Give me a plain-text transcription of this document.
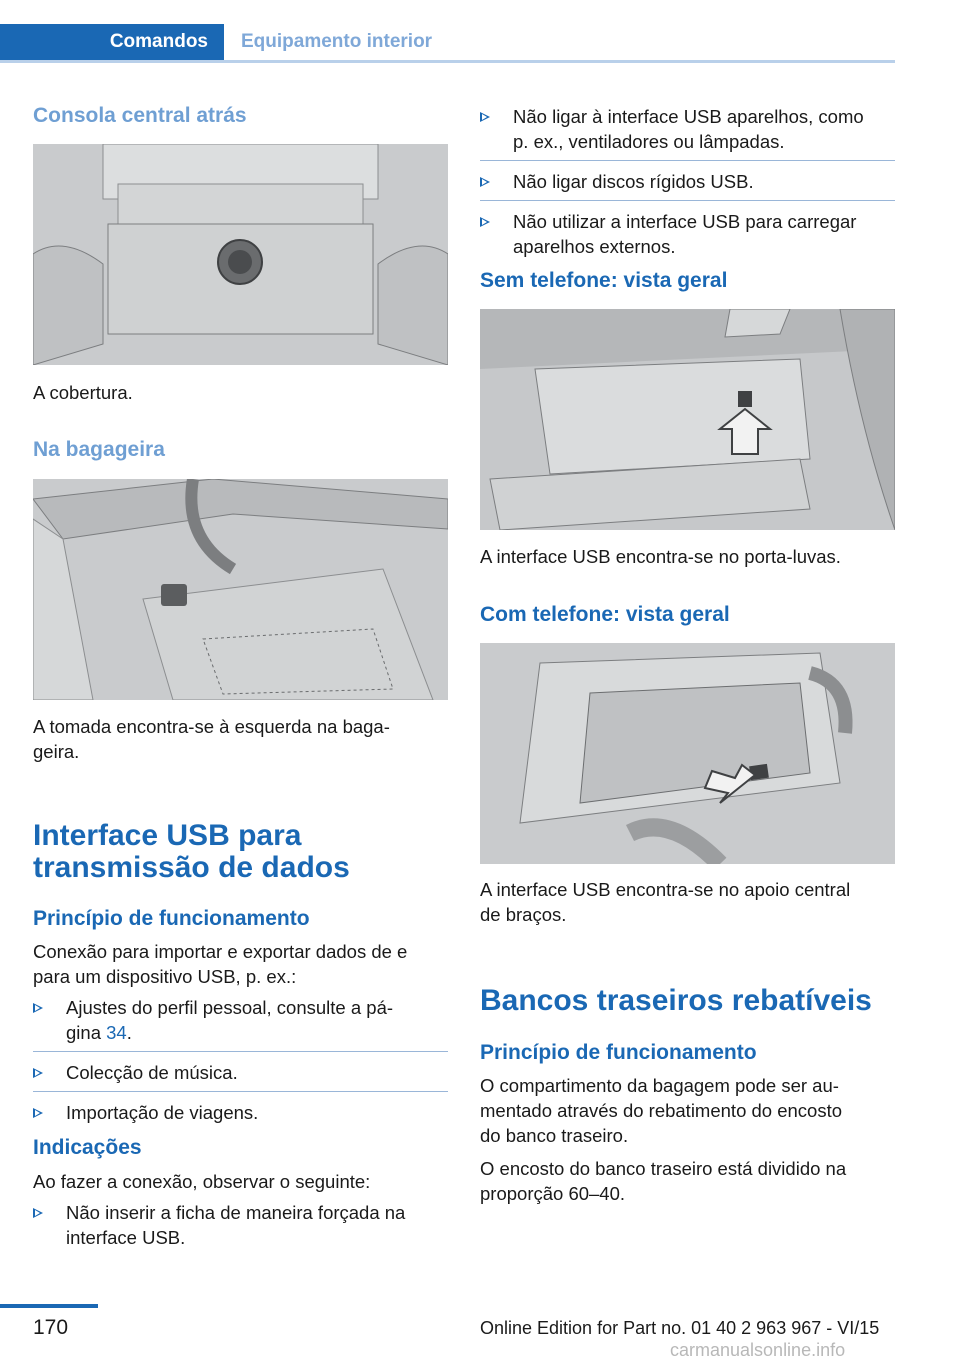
Comandos	Equipamento interior
Consola central atrás
A cobertura.
Na bagageira
A tomada encontra-se à esquerda na baga‐
geira.
Interface USB para
transmissão de dados
Princípio de funcionamento
Conexão para importar e exportar dados de e
para um dispositivo USB, p. ex.:
Ajustes do perfil pessoal, consulte a pá‐
gina 34.
Colecção de música.
Importação de viagens.
Indicações
Ao fazer a conexão, observar o seguinte:
Não inserir a ficha de maneira forçada na
interface USB.
Não ligar à interface USB aparelhos, como
p. ex., ventiladores ou lâmpadas.
Não ligar discos rígidos USB.
Não utilizar a interface USB para carregar
aparelhos externos.
Sem telefone: vista geral
A interface USB encontra-se no porta-luvas.
Com telefone: vista geral
A interface USB encontra-se no apoio central
de braços.
Bancos traseiros rebatíveis
Princípio de funcionamento
O compartimento da bagagem pode ser au‐
mentado através do rebatimento do encosto
do banco traseiro.
O encosto do banco traseiro está dividido na
proporção 60–40.
170	Online Edition for Part no. 01 40 2 963 967 - VI/15
carmanualsonline.info
